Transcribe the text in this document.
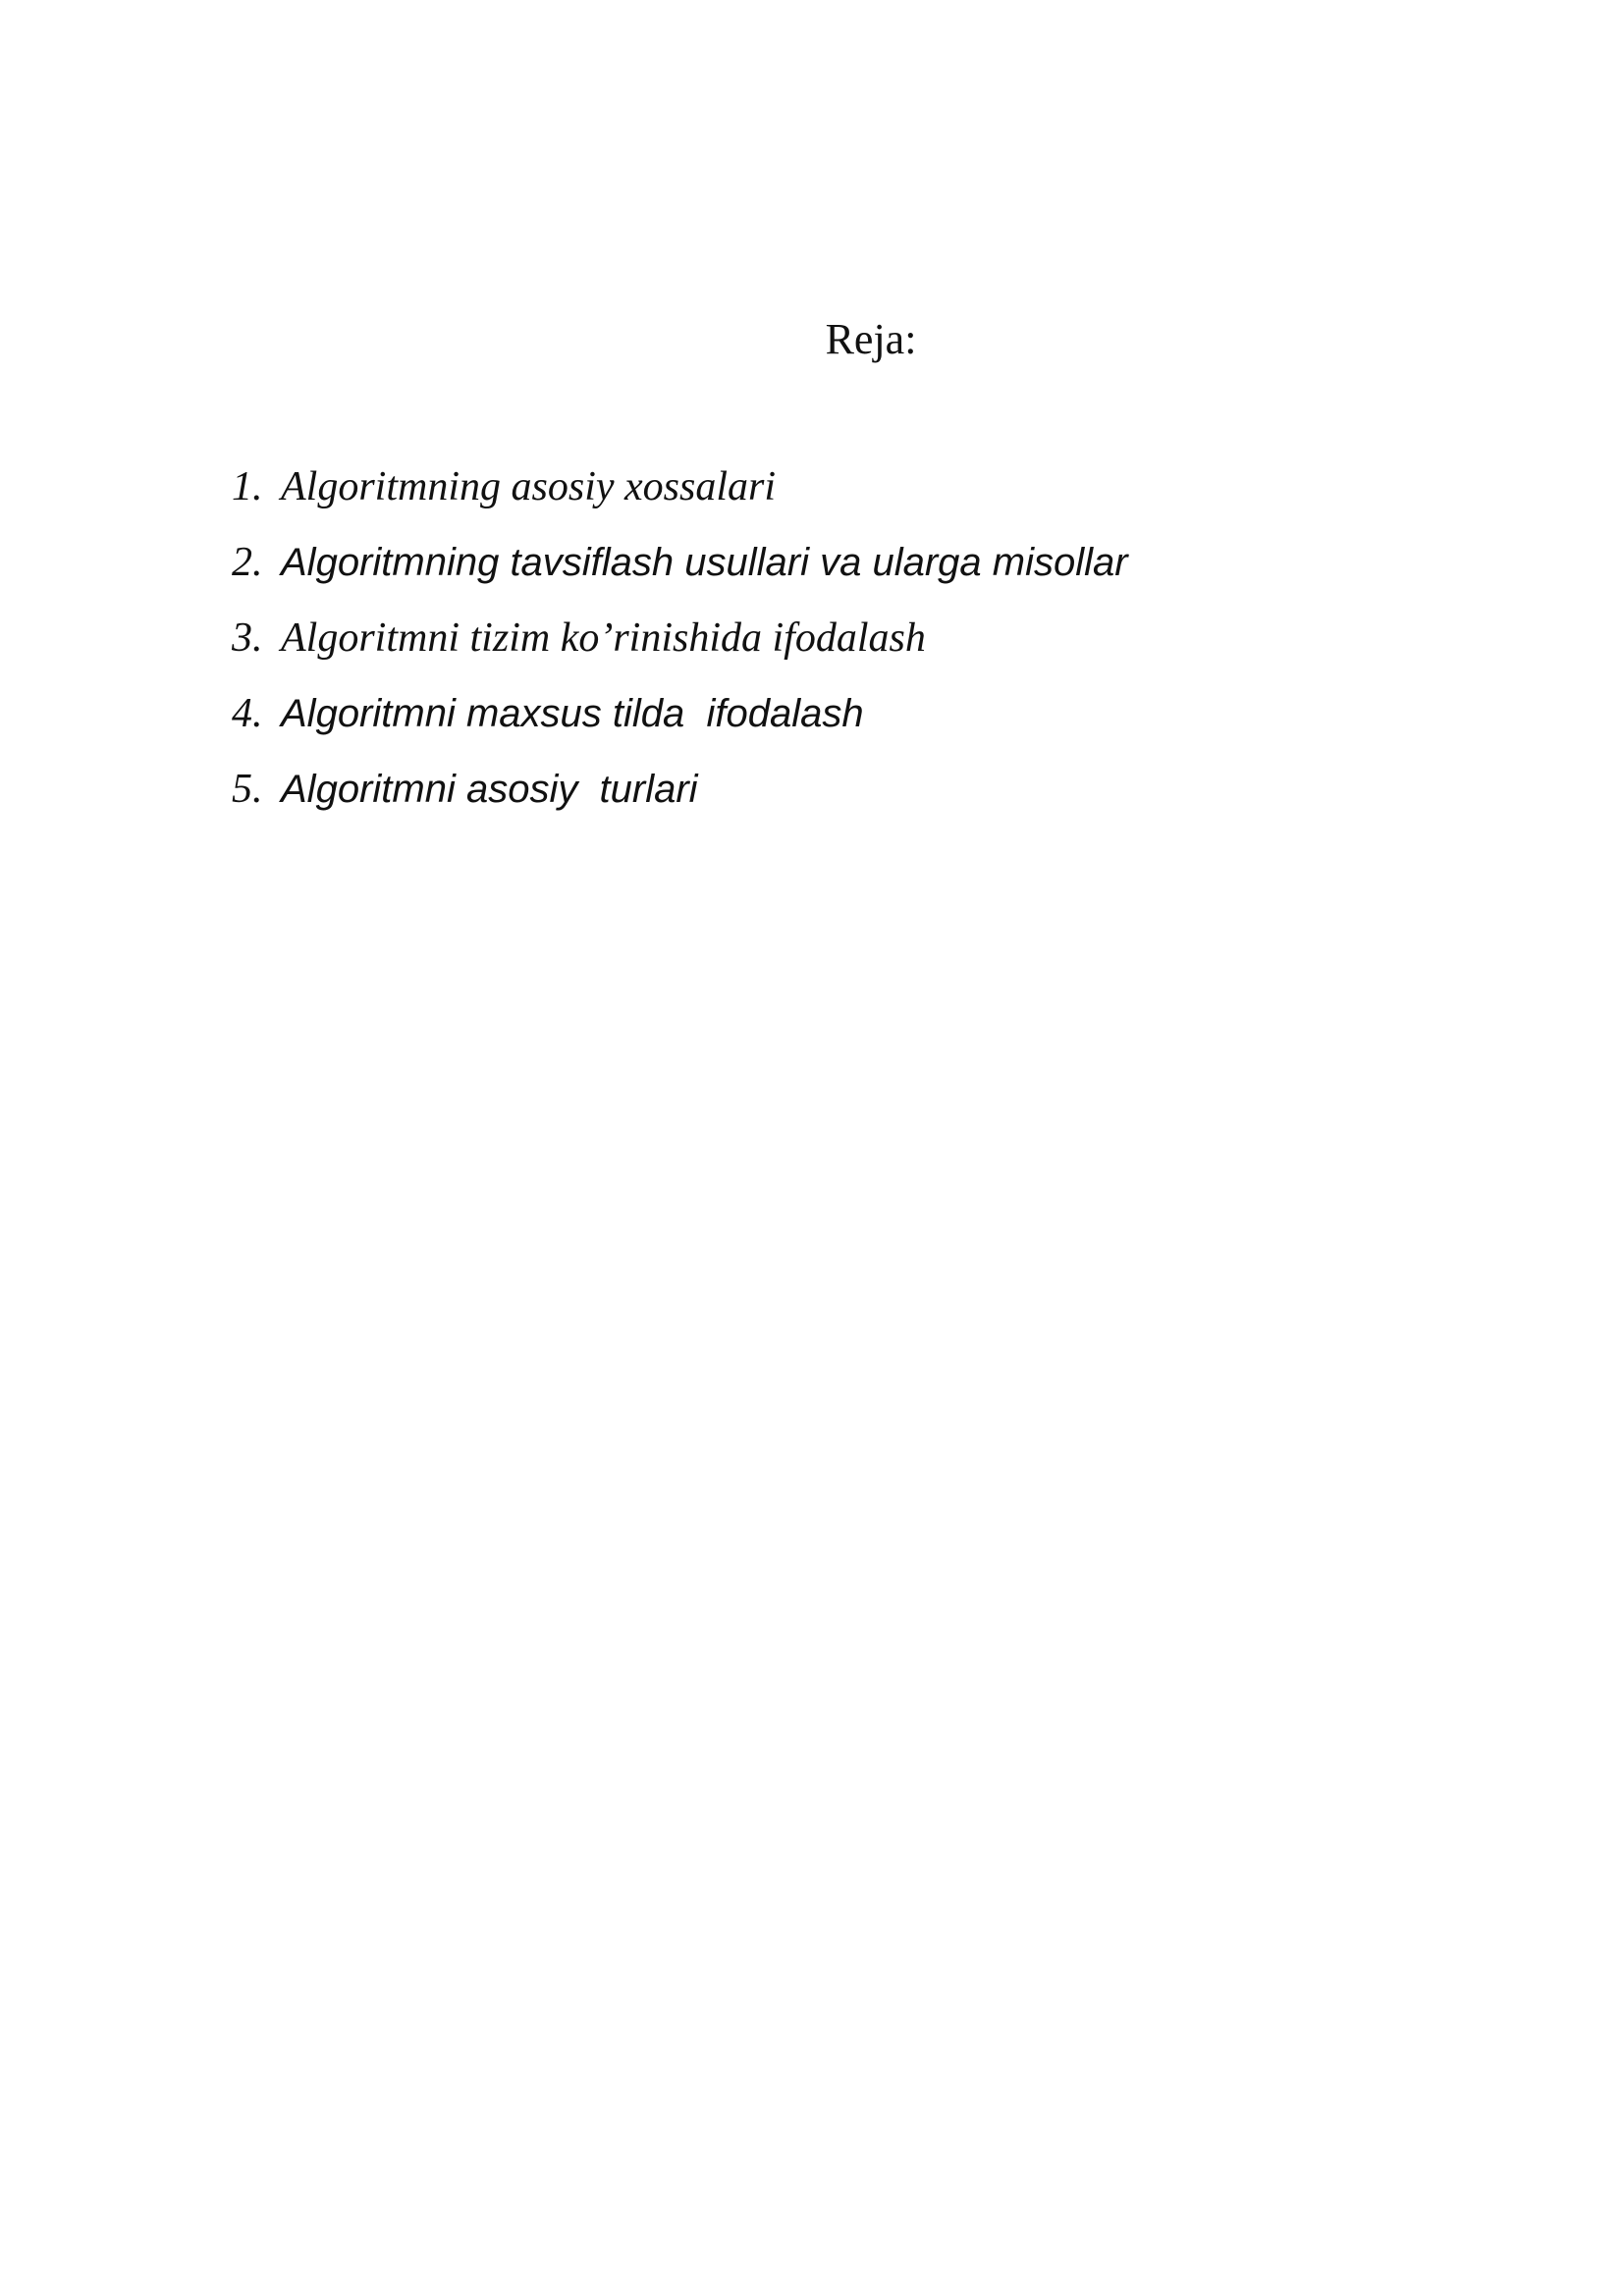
Reja:
1. Algoritmning asosiy xossalari
2. Algoritmning tavsiflash usullari va ularga misollar
3. Algoritmni tizim ko’rinishida ifodalash
4. Algoritmni maxsus tilda  ifodalash
5. Algoritmni asosiy  turlari
